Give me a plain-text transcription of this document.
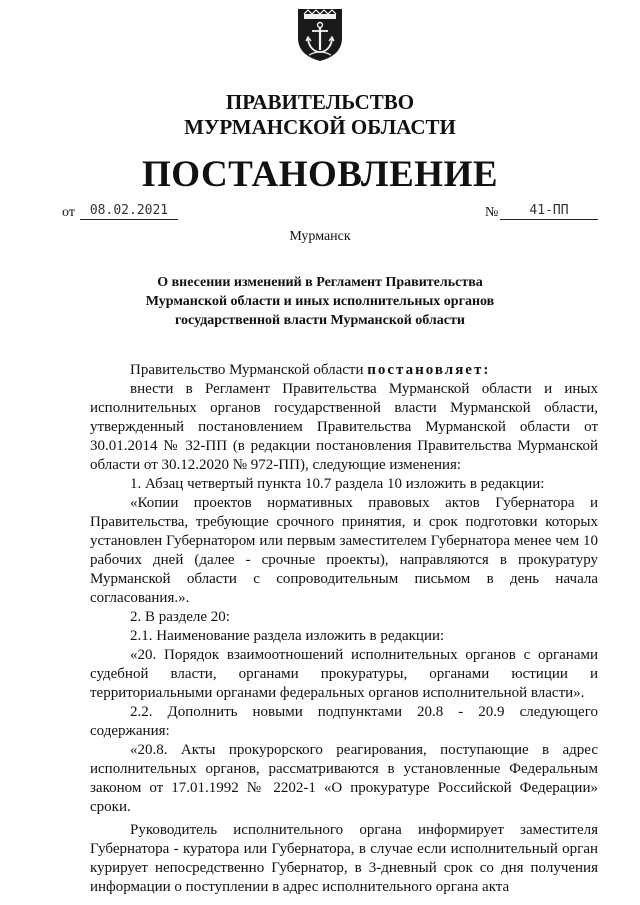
ПРАВИТЕЛЬСТВО
МУРМАНСКОЙ ОБЛАСТИ
ПОСТАНОВЛЕНИЕ
от	08.02.2021	№	41-ПП
Мурманск
О внесении изменений в Регламент Правительства
Мурманской области и иных исполнительных органов
государственной власти Мурманской области

Правительство Мурманской области постановляет:

внести в Регламент Правительства Мурманской области и иных исполнительных органов государственной власти Мурманской области, утвержденный постановлением Правительства Мурманской области от 30.01.2014 № 32-ПП (в редакции постановления Правительства Мурманской области от 30.12.2020 № 972-ПП), следующие изменения:

1. Абзац четвертый пункта 10.7 раздела 10 изложить в редакции:

«Копии проектов нормативных правовых актов Губернатора и Правительства, требующие срочного принятия, и срок подготовки которых установлен Губернатором или первым заместителем Губернатора менее чем 10 рабочих дней (далее - срочные проекты), направляются в прокуратуру Мурманской области с сопроводительным письмом в день начала согласования.».

2. В разделе 20:

2.1. Наименование раздела изложить в редакции:

«20. Порядок взаимоотношений исполнительных органов с органами судебной власти, органами прокуратуры, органами юстиции и территориальными органами федеральных органов исполнительной власти».

2.2. Дополнить новыми подпунктами 20.8 - 20.9 следующего содержания:

«20.8. Акты прокурорского реагирования, поступающие в адрес исполнительных органов, рассматриваются в установленные Федеральным законом от 17.01.1992 № 2202-1 «О прокуратуре Российской Федерации» сроки.

Руководитель исполнительного органа информирует заместителя Губернатора - куратора или Губернатора, в случае если исполнительный орган курирует непосредственно Губернатор, в 3-дневный срок со дня получения информации о поступлении в адрес исполнительного органа акта
